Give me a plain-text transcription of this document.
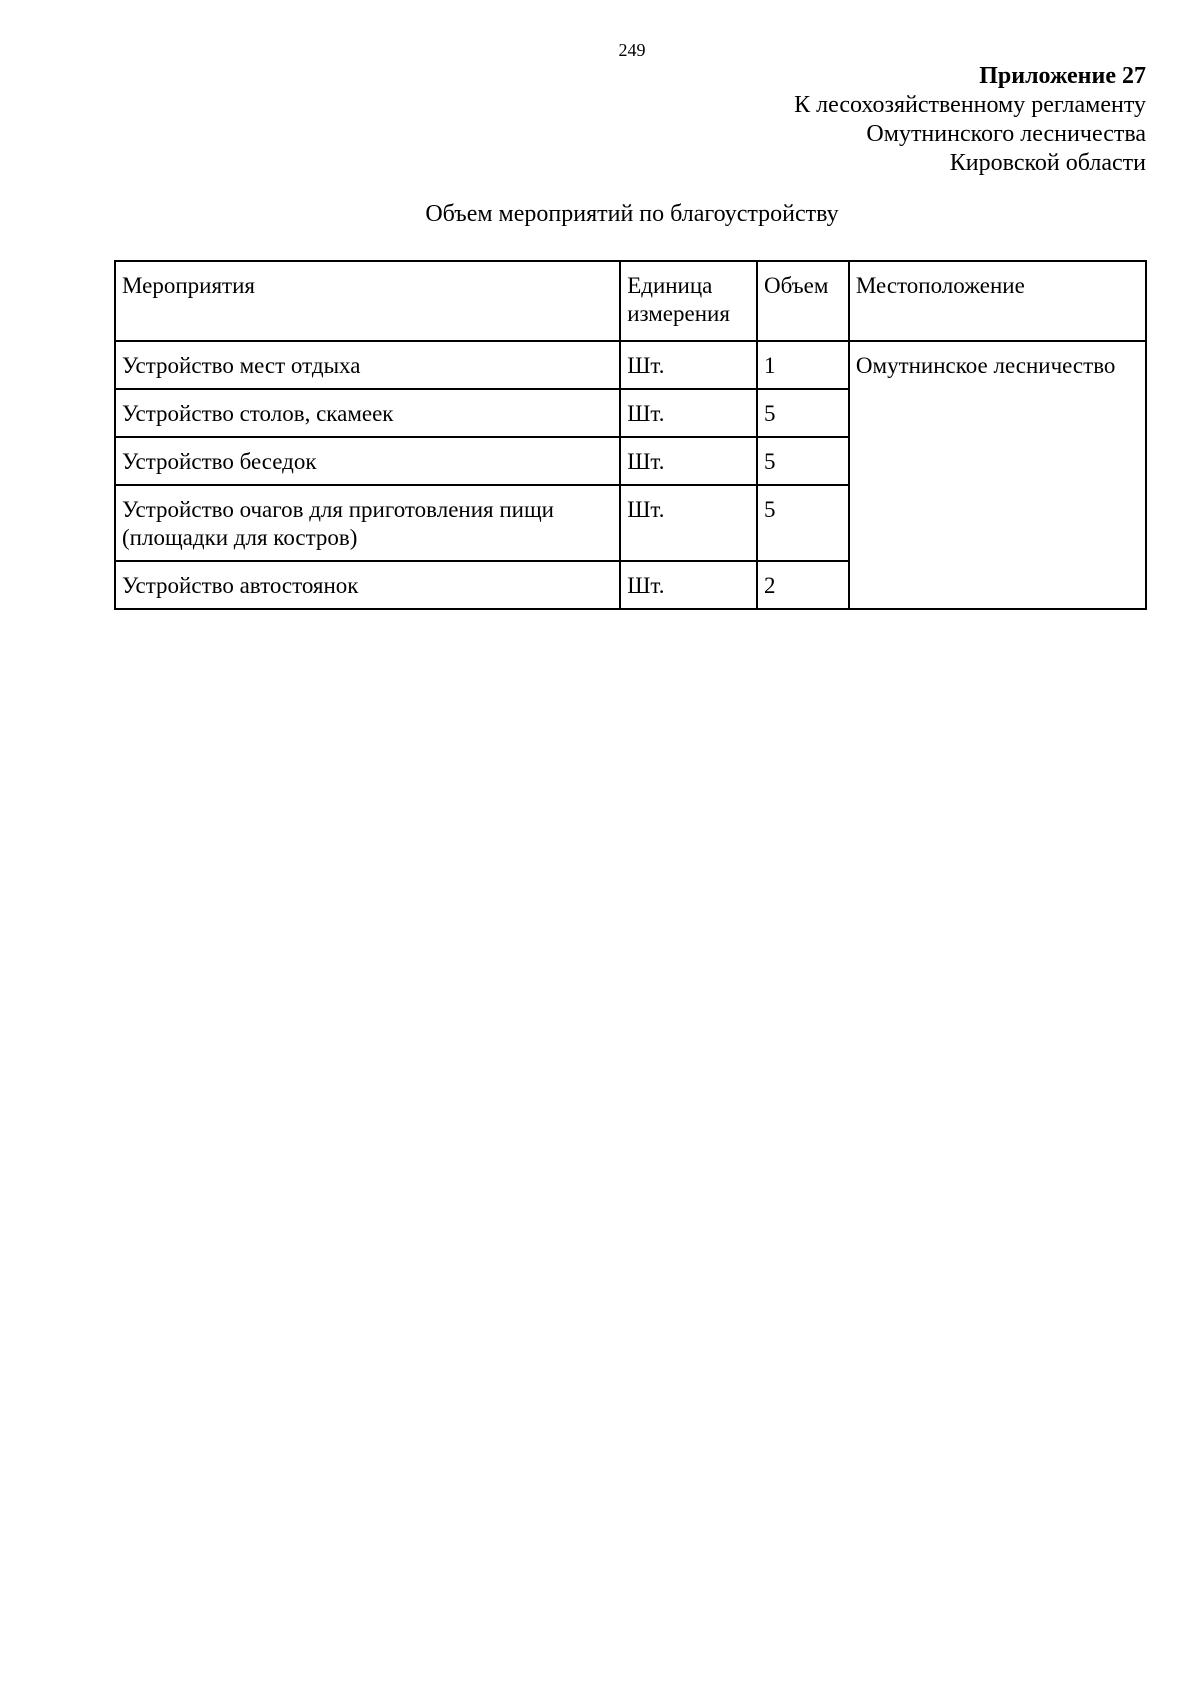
249
Приложение 27
К лесохозяйственному регламенту
Омутнинского лесничества
Кировской области
Объем мероприятий по благоустройству
Мероприятия	Единица измерения	Объем	Местоположение
Устройство мест отдыха	Шт.	1	Омутнинское лесничество
Устройство столов, скамеек	Шт.	5	
Устройство беседок	Шт.	5	
Устройство очагов для приготовления пищи (площадки для костров)	Шт.	5	
Устройство автостоянок	Шт.	2	
